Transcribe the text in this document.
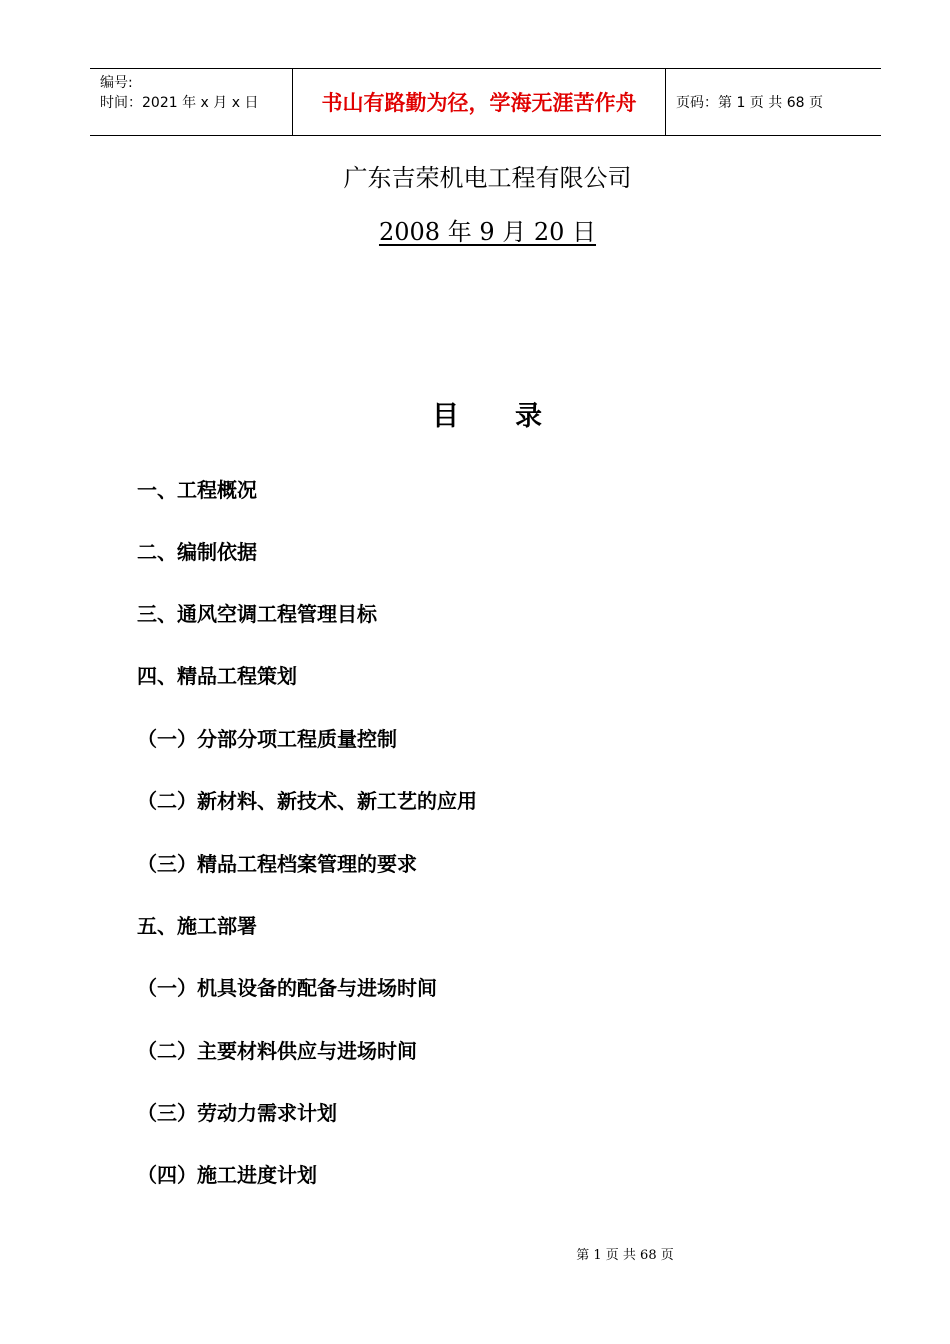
编号:
时间：2021 年 x 月 x 日	书山有路勤为径，学海无涯苦作舟	页码：第 1 页 共 68 页
广东吉荣机电工程有限公司
2008 年 9 月 20 日
目 录
一、工程概况
二、编制依据
三、通风空调工程管理目标
四、精品工程策划
（一）分部分项工程质量控制
（二）新材料、新技术、新工艺的应用
（三）精品工程档案管理的要求
五、施工部署
（一）机具设备的配备与进场时间
（二）主要材料供应与进场时间
（三）劳动力需求计划
（四）施工进度计划
第 1 页 共 68 页
